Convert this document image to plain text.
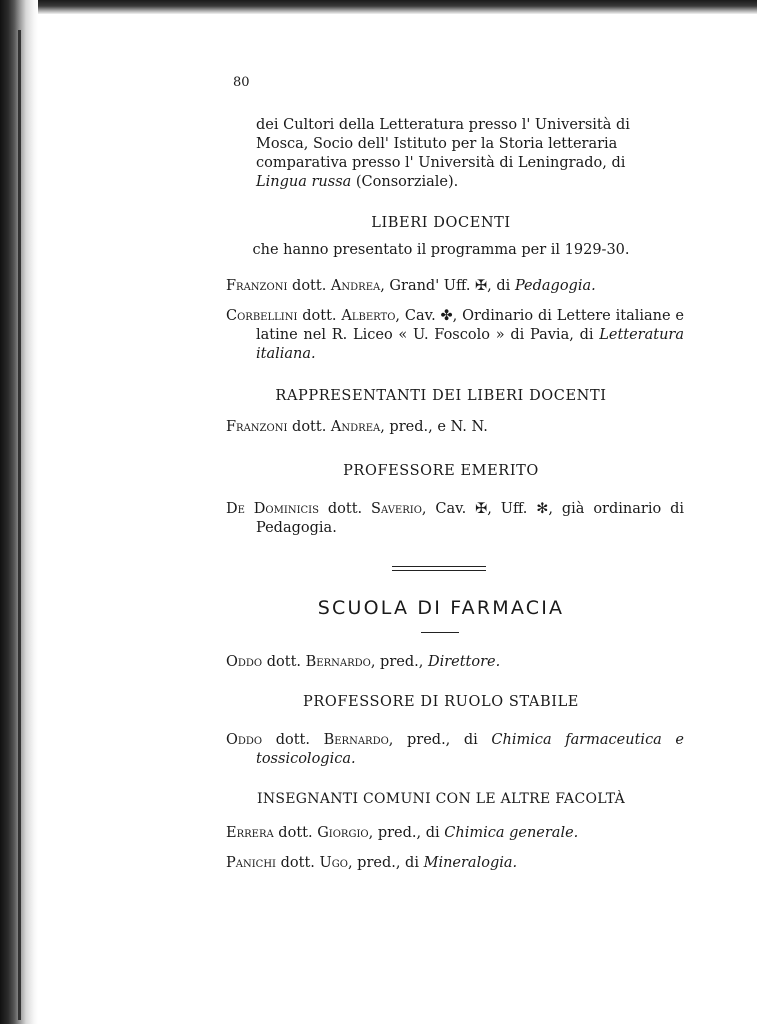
80
dei Cultori della Letteratura presso l' Università di
Mosca, Socio dell' Istituto per la Storia letteraria
comparativa presso l' Università di Leningrado, di
Lingua russa (Consorziale).
LIBERI DOCENTI
che hanno presentato il programma per il 1929-30.
Franzoni dott. Andrea, Grand' Uff. ✠, di Pedagogia.
Corbellini dott. Alberto, Cav. ✤, Ordinario di Lettere italiane e latine nel R. Liceo « U. Foscolo » di Pavia, di Letteratura italiana.
RAPPRESENTANTI DEI LIBERI DOCENTI
Franzoni dott. Andrea, pred., e N. N.
PROFESSORE EMERITO
De Dominicis dott. Saverio, Cav. ✠, Uff. ✻, già ordinario di Pedagogia.
SCUOLA DI FARMACIA
Oddo dott. Bernardo, pred., Direttore.
PROFESSORE DI RUOLO STABILE
Oddo dott. Bernardo, pred., di Chimica farmaceutica e tossicologica.
INSEGNANTI COMUNI CON LE ALTRE FACOLTÀ
Errera dott. Giorgio, pred., di Chimica generale.
Panichi dott. Ugo, pred., di Mineralogia.
